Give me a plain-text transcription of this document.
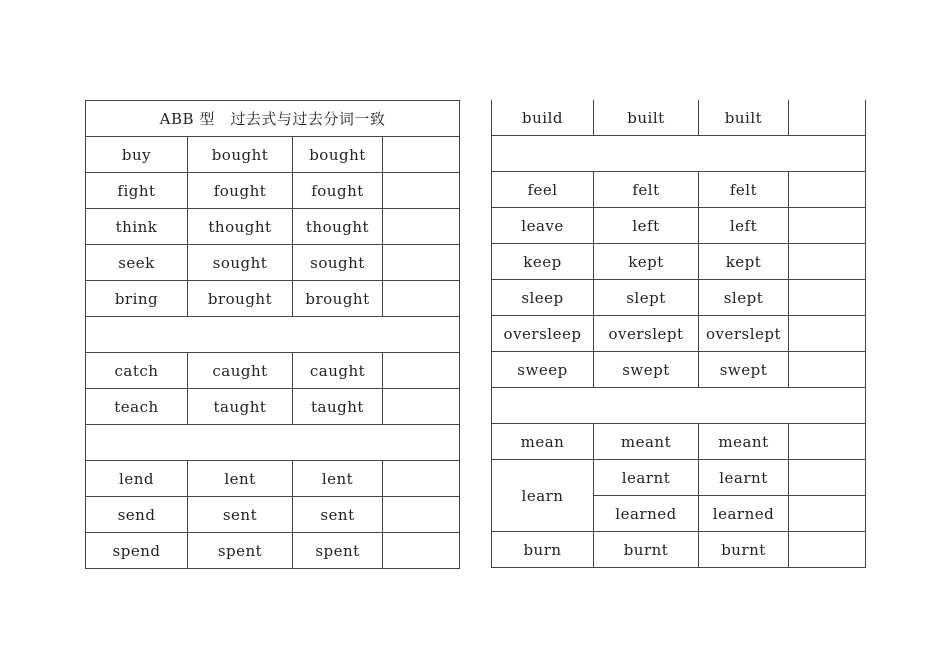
ABB 型　过去式与过去分词一致			
buy	bought	bought	
fight	fought	fought	
think	thought	thought	
seek	sought	sought	
bring	brought	brought	

catch	caught	caught	
teach	taught	taught	

lend	lent	lent	
send	sent	sent	
spend	spent	spent	
build	built	built	

feel	felt	felt	
leave	left	left	
keep	kept	kept	
sleep	slept	slept	
oversleep	overslept	overslept	
sweep	swept	swept	

mean	meant	meant	
learn	learnt	learnt	
	learned	learned	
burn	burnt	burnt	
